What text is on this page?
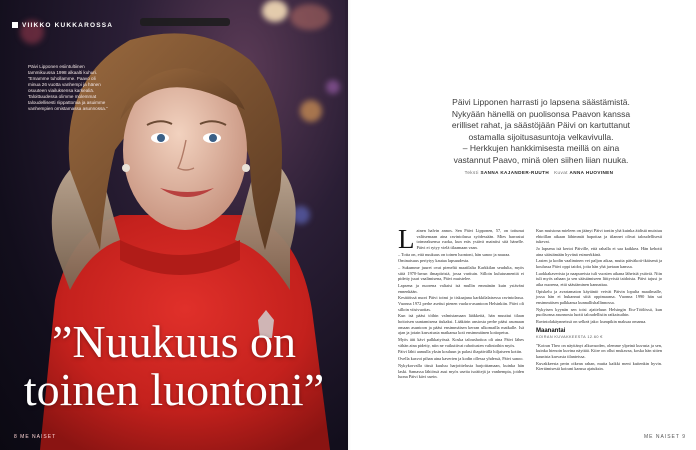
VIIKKO KUKKAROSSA
Päivi Lipponen esiintultiinen tammikuussa 1998 alkaalti kuhuri. ”Emamme tuhollamme. Paavo oli minua 26 vuotta vanhempi ja hänen osuuteen viailuksensa karkealiä. Taloittuudessa olimme molemmat taloudellisesti riippattomia ja asuimme vanhempien omistamassa asunnossa.”
”Nuukuus on
toinen luontoni”
8 ME NAISET
Päivi Lipponen harrasti jo lapsena säästämistä.
Nykyään hänellä on puolisonsa Paavon kanssa
erilliset rahat, ja säästöjään Päivi on kartuttanut
ostamalla sijoitusasuntoja velkavivulla.
– Herkkujen hankkimisesta meillä on aina
vastannut Paavo, minä olen siihen liian nuuka.
Teksti SANNA KAJANDER-RUUTH Kuvat ANNA HUOVINEN
L ainen halvin annos. Sen Päivi Lipponen, 57, on tottunut valitsemaan aina ravintolassa syödessään. Mies harrastui toimeaksensa ruoka, kun eräs ystävä mainitsi sitä hänelle. Päivi ei rytyy vielä tilaamaan vaan.

– Totta on, että nuukuus on toinen luontoni, hän sanoo ja nauraa.

Ominaisuus periytyy kautaa lapsuudesta.

– Sukumme juuret ovat pieneltä maatilalta Karkkilan seudulta, myös siitä 1970-luvun ilmapiiristä, jossa varttuin. Silloin kulutusmentiä ei pidetty juuri vaalimisena, Päivi muistelee.

Lapsena ja nuorena valtaisi isä mullin emmänän kuin ystäväni ennenkään.

Kesätöissä nuori Päivi toimi jo tiskaajana karkkilalaisessa ravintolassa. Vuonna 1972 perhe asettui pienen vuokra-asuntoon Helsinkiin. Päivi oli silloin viisivuotias.

Kun isä pääsi töihin valmistamaan lääkkeitä, hän muuttui tilaan hoitoisen uuntamisena tiukaksi. Lääkärin ansiosta perhe pääsi asumaan omaan asuntoon ja pääsi ensimmäisen kerran ulkomailla matkalle. Isä ajan ja jotain kasvatusta matkansa koti ensimmäinen kotiopetus.

Myös äiti kävi palkkatyössä. Koska taloushoitoa oli aina Päivi lähes vähän aina pidetty, niin ne vaikuttivat rahoitusten valintoihin myös.

Päivi lähti aamulla yksin kouluun ja palasi iltapäivällä hiljaiseen kotiin.

Ovella kasvoi pihan aina kaverien ja kodin ollessa yhdessä, Päivi sanoo.

Nykykorvalla tässä kuuluu harjoittelusta harjoittamaan, kuinka hän laski. Samassa lähiössä asui myös useita isoäitejä ja vanhempia, joiden luona Päivi kävi usein.

Kun muistona mieleen on jäänyt Päivi tontin yhä kuinka äidistä muistuu ehtoillan aikaan lähimmät hapottaa ja tilannet olivat taloudellisesti tukevat.

Jo lapsena isä kertoi Päiville, että rahalla ei saa kaikkea. Hän kehotti aina säästämään hyvänä esimerkkinä.

Lasten ja kodin vaaliminen vei paljon aikaa, mutta päiväkoti-ikäisenä ja koulussa Päivi oppi taidot, joita hän yhä jaetaan kanssa.

Luokkakaverista ja naapureista tuli vuosien aikana läheisiä ystäviä. Niin tuli myös rahaan ja sen säästämiseen liittyvistä taidoista. Päivi tajusi jo aika nuorena, että säästäminen kannattaa.

Opiskelu ja avartamaton käytäntö veivät Päivin lopulta maailmalle, jossa hän ei hukannut siitä oppimaansa. Vuonna 1990 hän sai ensimmäisen palkkansa kunnallishallinnossa.

Nykyisen kyynän sen toisi ajatteluun Helsingin Etu-Töölössä, kun puolisonsa asunnosta luotti taloudellisiin ratkaisuihin.

Ravintolakäynneissä on selkeä jako: kumpikin maksaa omansa.

Maanantai
KOIRAN KUVAKKEESTA 12.60 €

”Koiran Theo on näyttänyt alkuvuoden, olemme ylpeinä kuvasta ja sen, kuinka hienoin kuvina näyttää. Kiire on ollut mukavaa, koska hän sitten kaunista karvasta tilanteissa.

Kuvakkeesta perin oikean rahan, mutta kaikki meni kuitenkin hyvin. Kiertämisestä koirani kanssa ajatuksin.

ME NAISET 9
